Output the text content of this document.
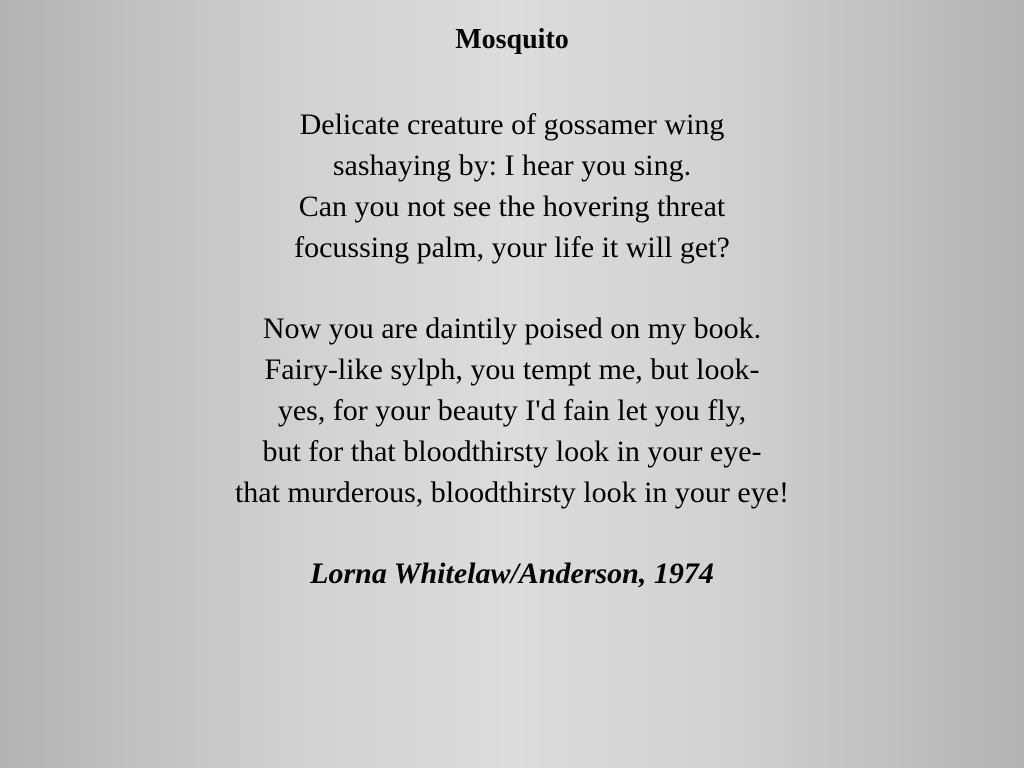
Mosquito
Delicate creature of gossamer wing
sashaying by: I hear you sing.
Can you not see the hovering threat
focussing palm, your life it will get?
Now you are daintily poised on my book.
Fairy-like sylph, you tempt me, but look-
yes, for your beauty I'd fain let you fly,
but for that bloodthirsty look in your eye-
that murderous, bloodthirsty look in your eye!

Lorna Whitelaw/Anderson, 1974
